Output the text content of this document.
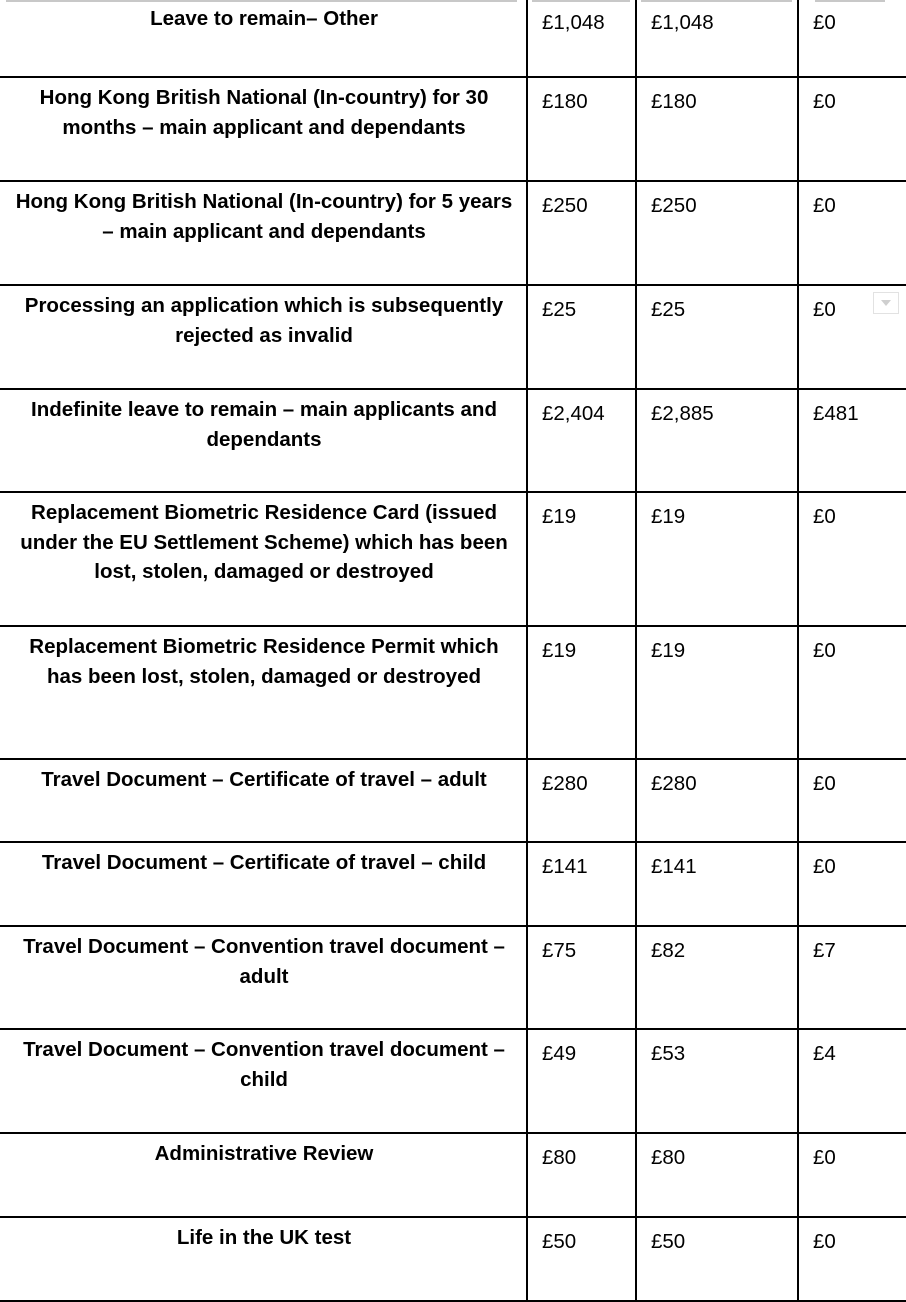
Leave to remain– Other	£1,048	£1,048	£0

Hong Kong British National (In-country) for 30 months – main applicant and dependants	£180	£180	£0

Hong Kong British National (In-country) for 5 years – main applicant and dependants	£250	£250	£0

Processing an application which is subsequently rejected as invalid	£25	£25	£0

Indefinite leave to remain – main applicants and dependants	£2,404	£2,885	£481

Replacement Biometric Residence Card (issued under the EU Settlement Scheme) which has been lost, stolen, damaged or destroyed	£19	£19	£0

Replacement Biometric Residence Permit which has been lost, stolen, damaged or destroyed	£19	£19	£0

Travel Document – Certificate of travel – adult	£280	£280	£0

Travel Document – Certificate of travel – child	£141	£141	£0

Travel Document – Convention travel document – adult	£75	£82	£7

Travel Document – Convention travel document – child	£49	£53	£4

Administrative Review	£80	£80	£0

Life in the UK test	£50	£50	£0
